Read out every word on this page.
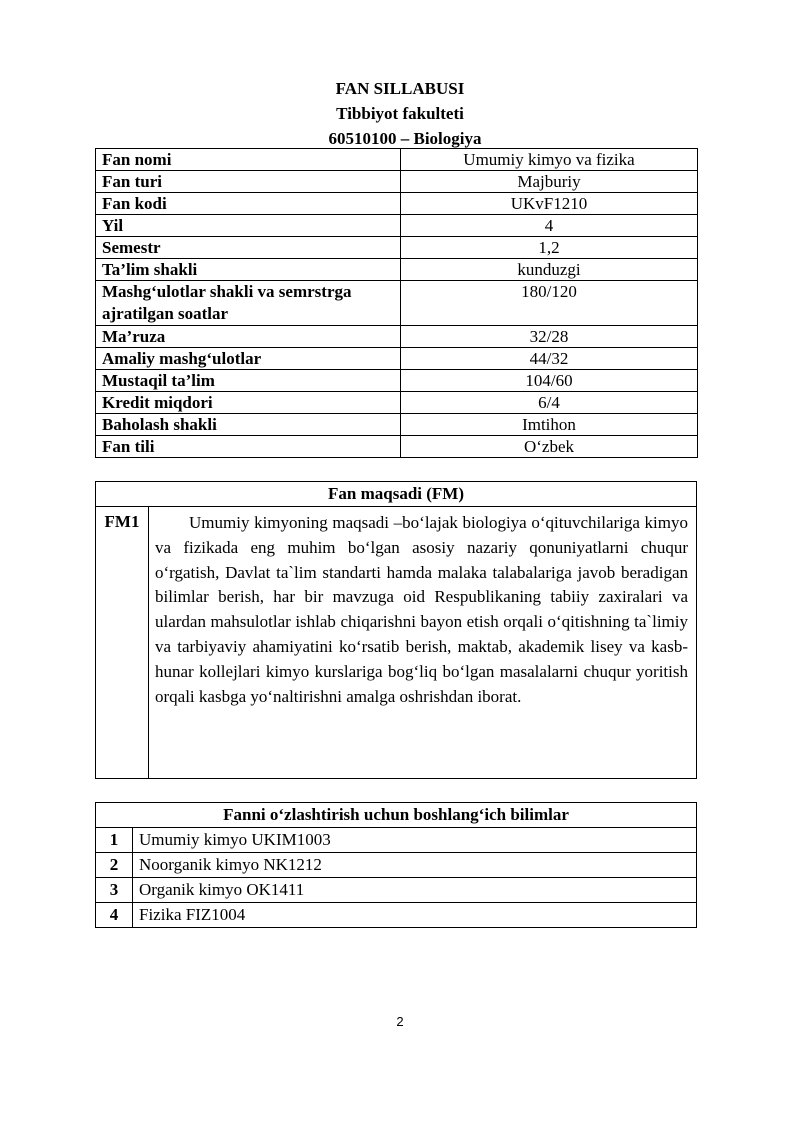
FAN SILLABUSI
Tibbiyot fakulteti
60510100 – Biologiya
Fan nomi	Umumiy kimyo va fizika
Fan turi	Majburiy
Fan kodi	UKvF1210
Yil	4
Semestr	1,2
Ta’lim shakli	kunduzgi
Mashg‘ulotlar shakli va semrstrga ajratilgan soatlar	180/120
Ma’ruza	32/28
Amaliy mashg‘ulotlar	44/32
Mustaqil ta’lim	104/60
Kredit miqdori	6/4
Baholash shakli	Imtihon
Fan tili	O‘zbek
Fan maqsadi (FM)
FM1	Umumiy kimyoning maqsadi –bo‘lajak biologiya o‘qituvchilariga kimyo va fizikada eng muhim bo‘lgan asosiy nazariy qonuniyatlarni chuqur o‘rgatish, Davlat ta`lim standarti hamda malaka talabalariga javob beradigan bilimlar berish, har bir mavzuga oid Respublikaning tabiiy zaxiralari va ulardan mahsulotlar ishlab chiqarishni bayon etish orqali o‘qitishning ta`limiy va tarbiyaviy ahamiyatini ko‘rsatib berish, maktab, akademik lisey va kasb-hunar kollejlari kimyo kurslariga bog‘liq bo‘lgan masalalarni chuqur yoritish orqali kasbga yo‘naltirishni amalga oshrishdan iborat.
Fanni o‘zlashtirish uchun boshlang‘ich bilimlar	
1	Umumiy kimyo UKIM1003
2	Noorganik kimyo NK1212
3	Organik kimyo OK1411
4	Fizika FIZ1004
2
